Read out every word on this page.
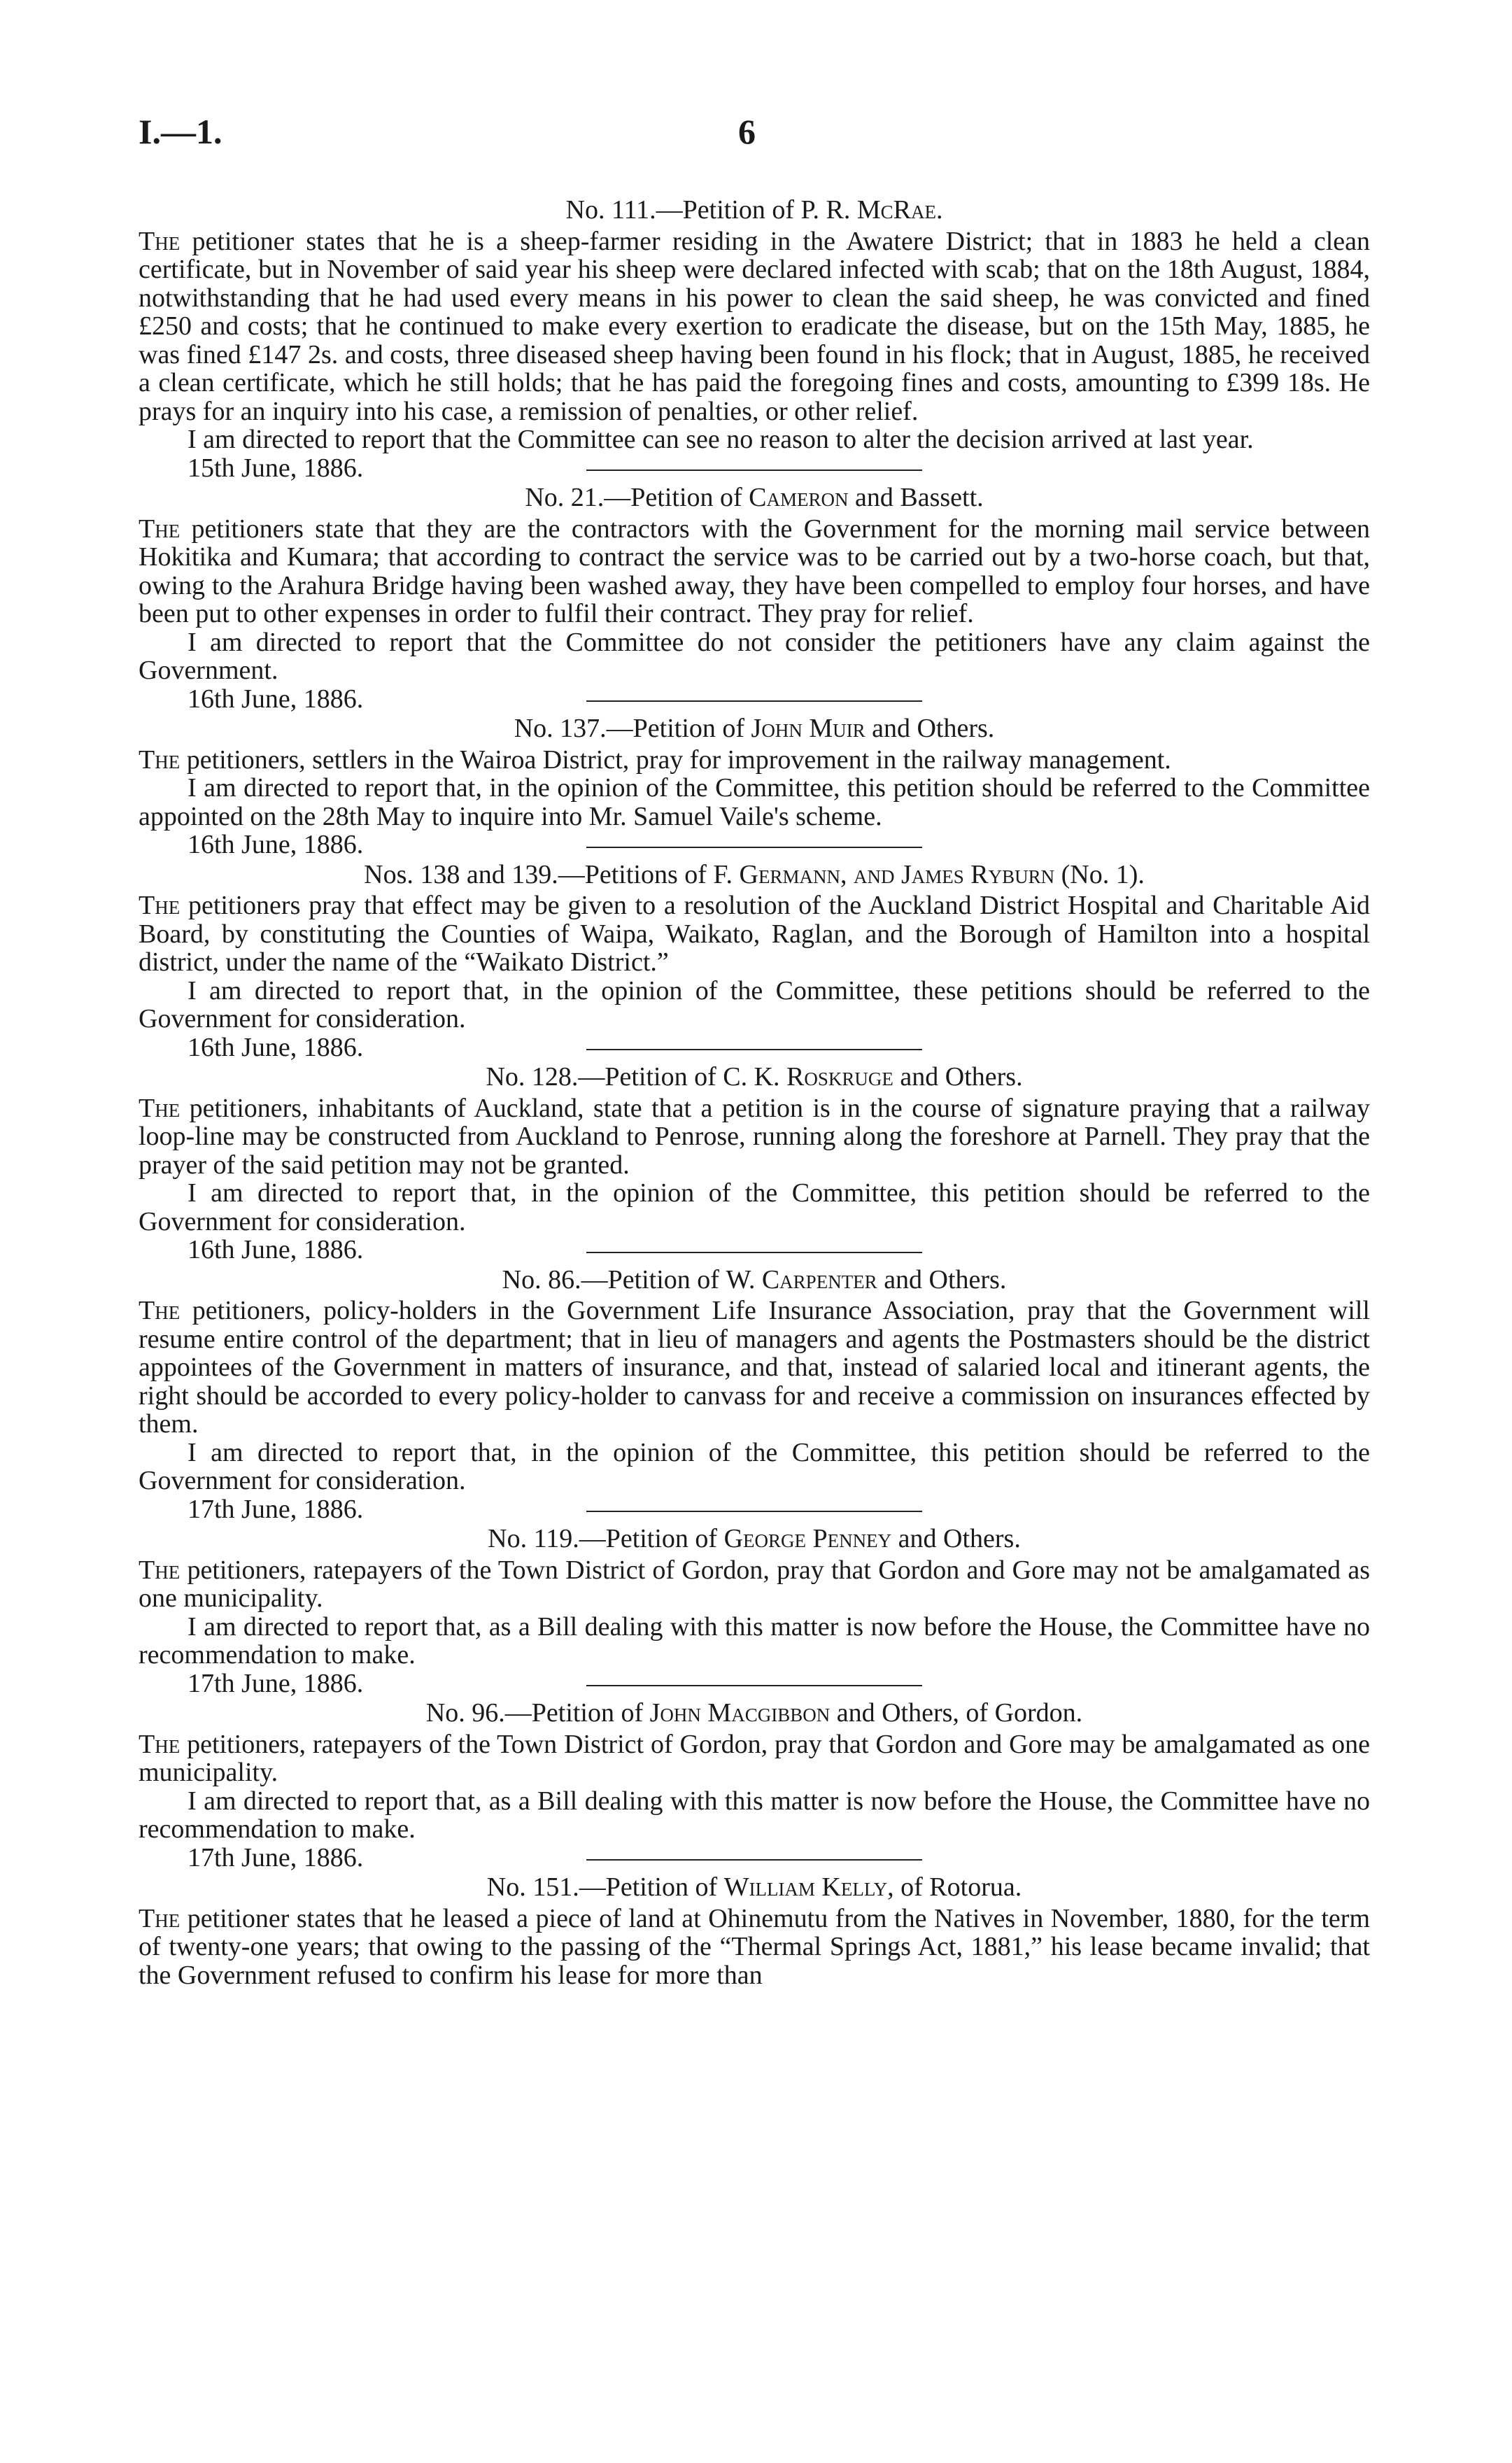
I.—1.	6

No. 111.—Petition of P. R. McRae.

The petitioner states that he is a sheep-farmer residing in the Awatere District; that in 1883 he held a clean certificate, but in November of said year his sheep were declared infected with scab; that on the 18th August, 1884, notwithstanding that he had used every means in his power to clean the said sheep, he was convicted and fined £250 and costs; that he continued to make every exertion to eradicate the disease, but on the 15th May, 1885, he was fined £147 2s. and costs, three diseased sheep having been found in his flock; that in August, 1885, he received a clean certificate, which he still holds; that he has paid the foregoing fines and costs, amounting to £399 18s. He prays for an inquiry into his case, a remission of penalties, or other relief.

I am directed to report that the Committee can see no reason to alter the decision arrived at last year.

15th June, 1886.

No. 21.—Petition of Cameron and Bassett.

The petitioners state that they are the contractors with the Government for the morning mail service between Hokitika and Kumara; that according to contract the service was to be carried out by a two-horse coach, but that, owing to the Arahura Bridge having been washed away, they have been compelled to employ four horses, and have been put to other expenses in order to fulfil their contract. They pray for relief.

I am directed to report that the Committee do not consider the petitioners have any claim against the Government.

16th June, 1886.

No. 137.—Petition of John Muir and Others.

The petitioners, settlers in the Wairoa District, pray for improvement in the railway management.

I am directed to report that, in the opinion of the Committee, this petition should be referred to the Committee appointed on the 28th May to inquire into Mr. Samuel Vaile's scheme.

16th June, 1886.

Nos. 138 and 139.—Petitions of F. Germann, and James Ryburn (No. 1).

The petitioners pray that effect may be given to a resolution of the Auckland District Hospital and Charitable Aid Board, by constituting the Counties of Waipa, Waikato, Raglan, and the Borough of Hamilton into a hospital district, under the name of the “Waikato District.”

I am directed to report that, in the opinion of the Committee, these petitions should be referred to the Government for consideration.

16th June, 1886.

No. 128.—Petition of C. K. Roskruge and Others.

The petitioners, inhabitants of Auckland, state that a petition is in the course of signature praying that a railway loop-line may be constructed from Auckland to Penrose, running along the foreshore at Parnell. They pray that the prayer of the said petition may not be granted.

I am directed to report that, in the opinion of the Committee, this petition should be referred to the Government for consideration.

16th June, 1886.

No. 86.—Petition of W. Carpenter and Others.

The petitioners, policy-holders in the Government Life Insurance Association, pray that the Government will resume entire control of the department; that in lieu of managers and agents the Postmasters should be the district appointees of the Government in matters of insurance, and that, instead of salaried local and itinerant agents, the right should be accorded to every policy-holder to canvass for and receive a commission on insurances effected by them.

I am directed to report that, in the opinion of the Committee, this petition should be referred to the Government for consideration.

17th June, 1886.

No. 119.—Petition of George Penney and Others.

The petitioners, ratepayers of the Town District of Gordon, pray that Gordon and Gore may not be amalgamated as one municipality.

I am directed to report that, as a Bill dealing with this matter is now before the House, the Committee have no recommendation to make.

17th June, 1886.

No. 96.—Petition of John Macgibbon and Others, of Gordon.

The petitioners, ratepayers of the Town District of Gordon, pray that Gordon and Gore may be amalgamated as one municipality.

I am directed to report that, as a Bill dealing with this matter is now before the House, the Committee have no recommendation to make.

17th June, 1886.

No. 151.—Petition of William Kelly, of Rotorua.

The petitioner states that he leased a piece of land at Ohinemutu from the Natives in November, 1880, for the term of twenty-one years; that owing to the passing of the “Thermal Springs Act, 1881,” his lease became invalid; that the Government refused to confirm his lease for more than
